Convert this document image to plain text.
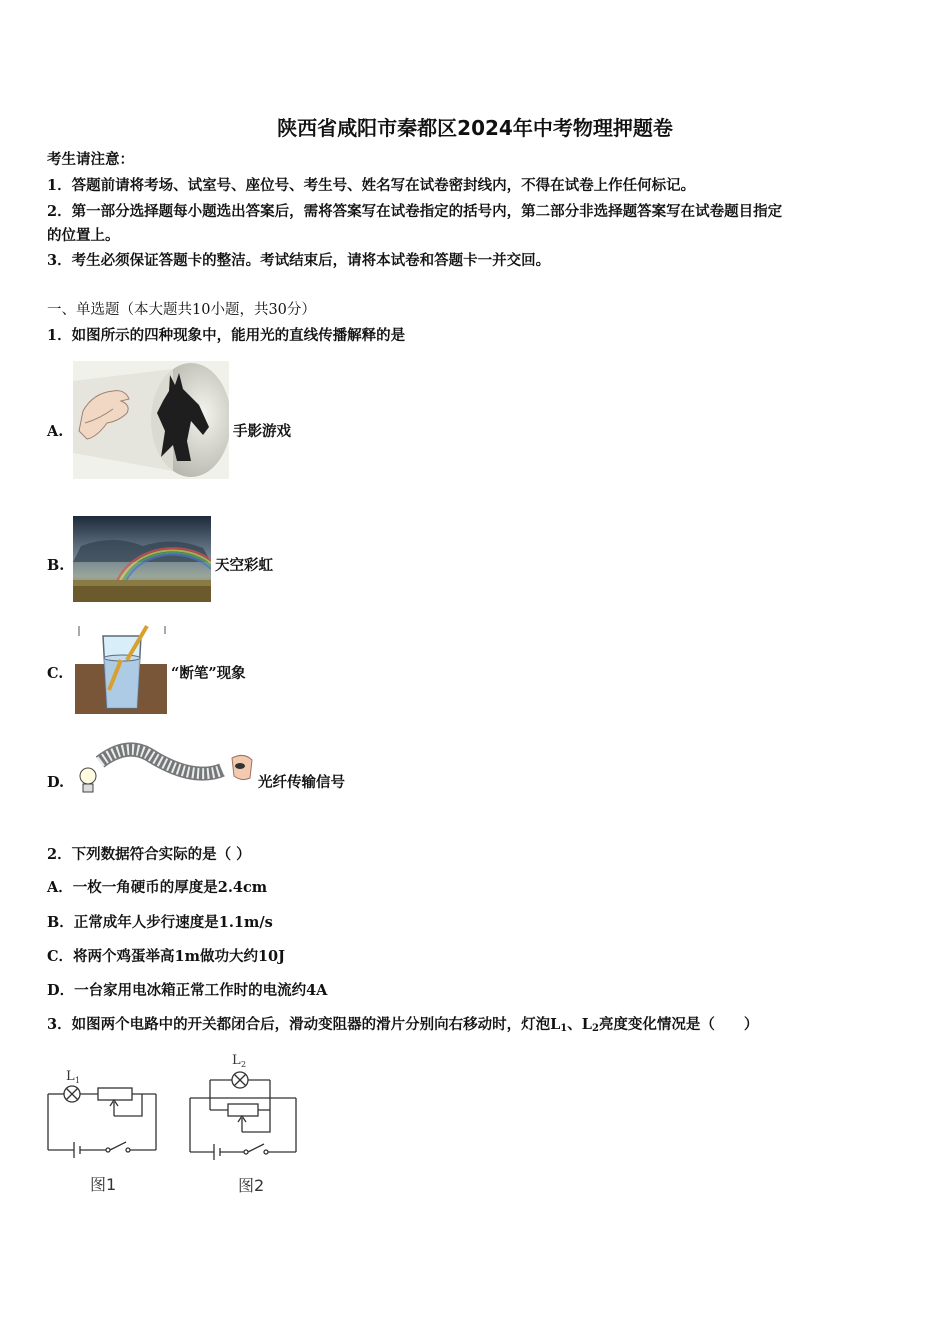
陕西省咸阳市秦都区2024年中考物理押题卷
考生请注意：
1．答题前请将考场、试室号、座位号、考生号、姓名写在试卷密封线内，不得在试卷上作任何标记。
2．第一部分选择题每小题选出答案后，需将答案写在试卷指定的括号内，第二部分非选择题答案写在试卷题目指定
的位置上。
3．考生必须保证答题卡的整洁。考试结束后，请将本试卷和答题卡一并交回。
一、单选题（本大题共10小题，共30分）
1．如图所示的四种现象中，能用光的直线传播解释的是
A.	手影游戏
B.	天空彩虹
C.	“断笔”现象
D.	光纤传输信号
2．下列数据符合实际的是（ ）
A．一枚一角硬币的厚度是2.4cm
B．正常成年人步行速度是1.1m/s
C．将两个鸡蛋举高1m做功大约10J
D．一台家用电冰箱正常工作时的电流约4A
3．如图两个电路中的开关都闭合后，滑动变阻器的滑片分别向右移动时，灯泡$L_1$、$L_2$亮度变化情况是（　　）
L 1
图1
L 2
图2
